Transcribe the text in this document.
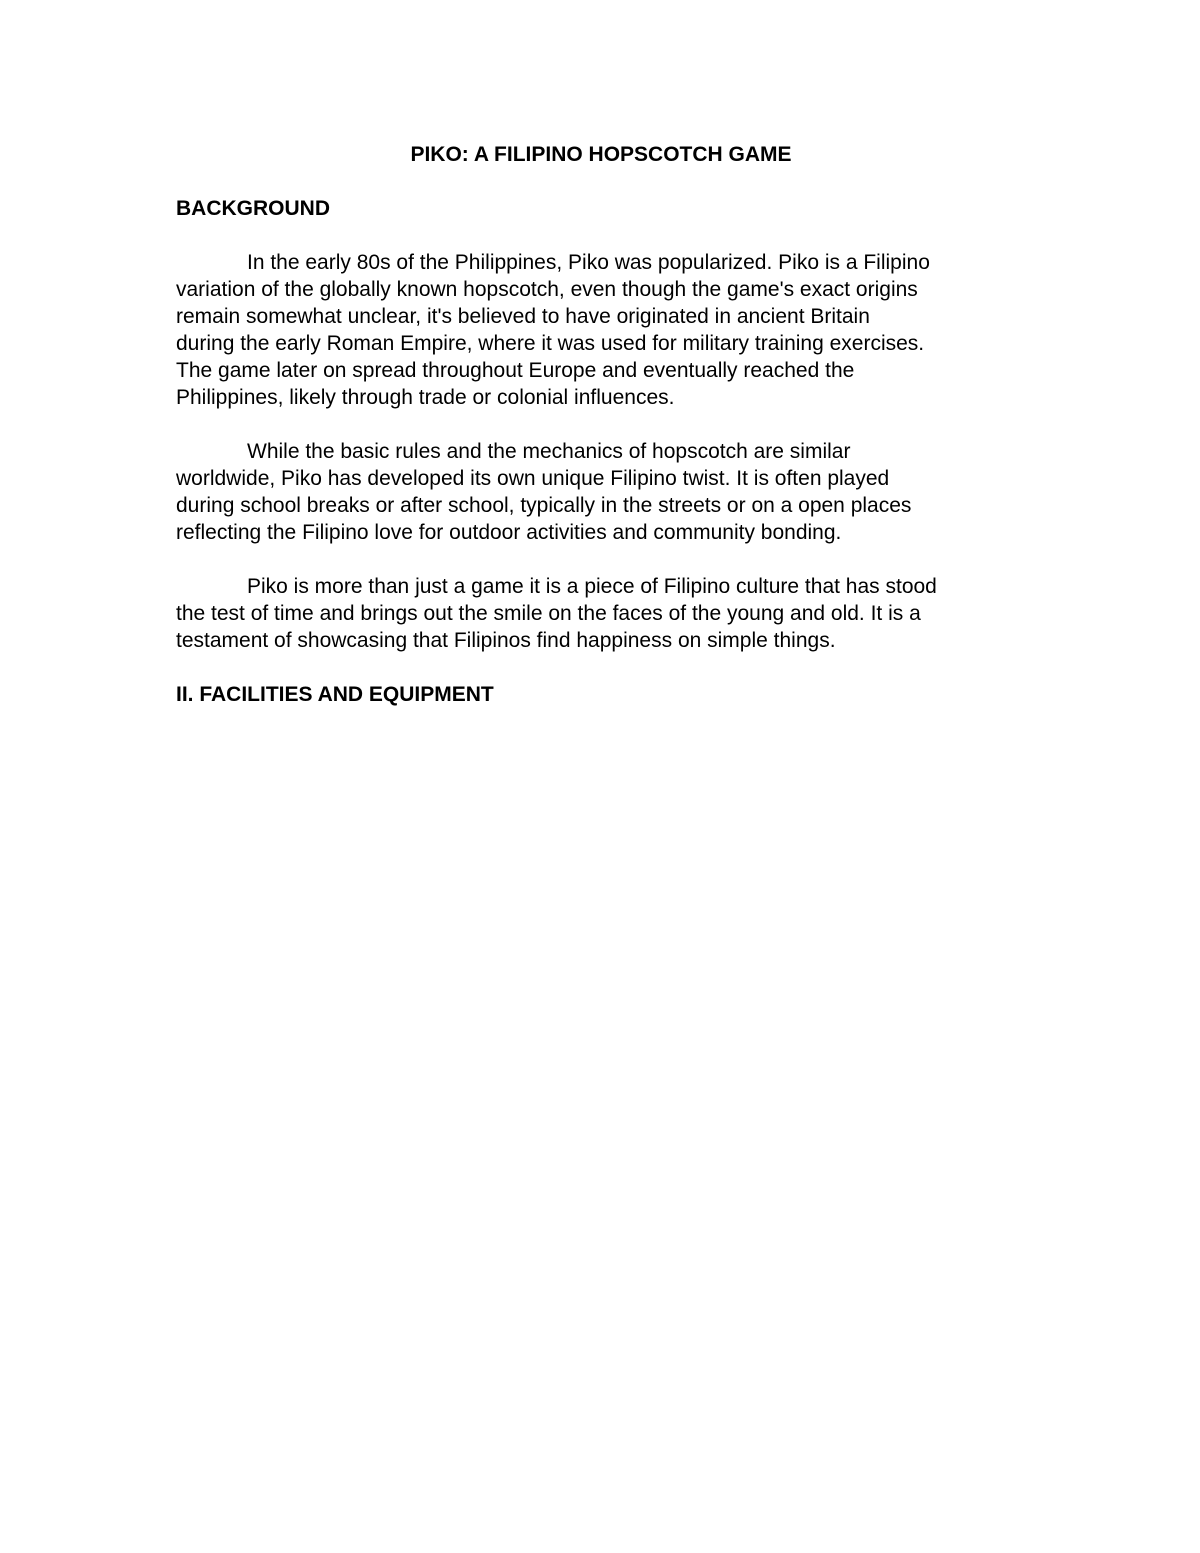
PIKO: A FILIPINO HOPSCOTCH GAME
BACKGROUND
In the early 80s of the Philippines, Piko was popularized. Piko is a Filipino
variation of the globally known hopscotch, even though the game's exact origins
remain somewhat unclear, it's believed to have originated in ancient Britain
during the early Roman Empire, where it was used for military training exercises.
The game later on spread throughout Europe and eventually reached the
Philippines, likely through trade or colonial influences.
While the basic rules and the mechanics of hopscotch are similar
worldwide, Piko has developed its own unique Filipino twist. It is often played
during school breaks or after school, typically in the streets or on a open places
reflecting the Filipino love for outdoor activities and community bonding.
Piko is more than just a game it is a piece of Filipino culture that has stood
the test of time and brings out the smile on the faces of the young and old. It is a
testament of showcasing that Filipinos find happiness on simple things.
II. FACILITIES AND EQUIPMENT
